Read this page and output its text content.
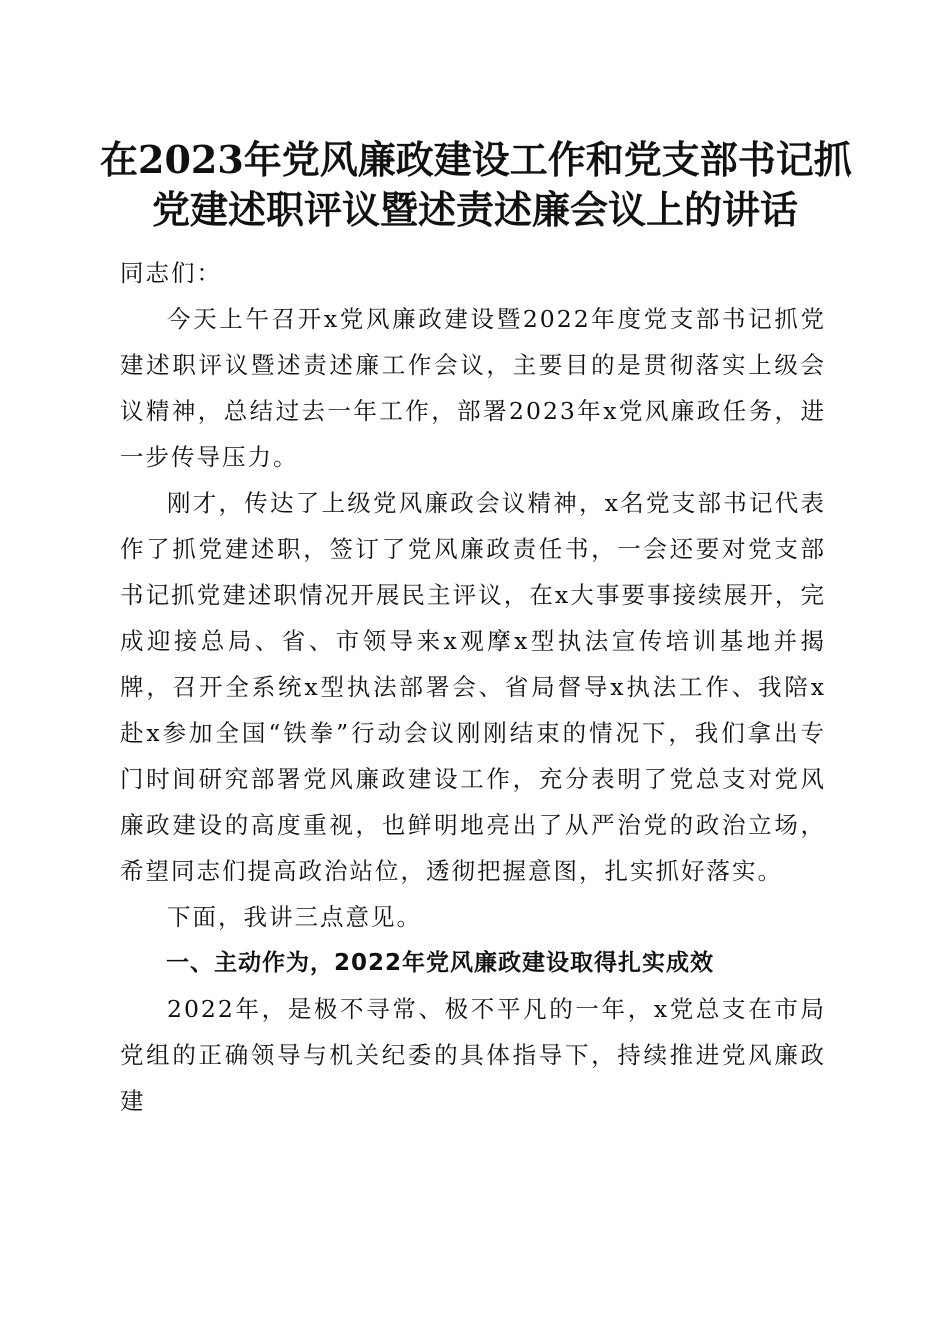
在2023年党风廉政建设工作和党支部书记抓
党建述职评议暨述责述廉会议上的讲话

同志们：

今天上午召开x党风廉政建设暨2022年度党支部书记抓党建述职评议暨述责述廉工作会议，主要目的是贯彻落实上级会议精神，总结过去一年工作，部署2023年x党风廉政任务，进一步传导压力。

刚才，传达了上级党风廉政会议精神，x名党支部书记代表作了抓党建述职，签订了党风廉政责任书，一会还要对党支部书记抓党建述职情况开展民主评议，在x大事要事接续展开，完成迎接总局、省、市领导来x观摩x型执法宣传培训基地并揭牌，召开全系统x型执法部署会、省局督导x执法工作、我陪x赴x参加全国“铁拳”行动会议刚刚结束的情况下，我们拿出专门时间研究部署党风廉政建设工作，充分表明了党总支对党风廉政建设的高度重视，也鲜明地亮出了从严治党的政治立场，希望同志们提高政治站位，透彻把握意图，扎实抓好落实。

下面，我讲三点意见。

一、主动作为，2022年党风廉政建设取得扎实成效

2022年，是极不寻常、极不平凡的一年，x党总支在市局党组的正确领导与机关纪委的具体指导下，持续推进党风廉政建
